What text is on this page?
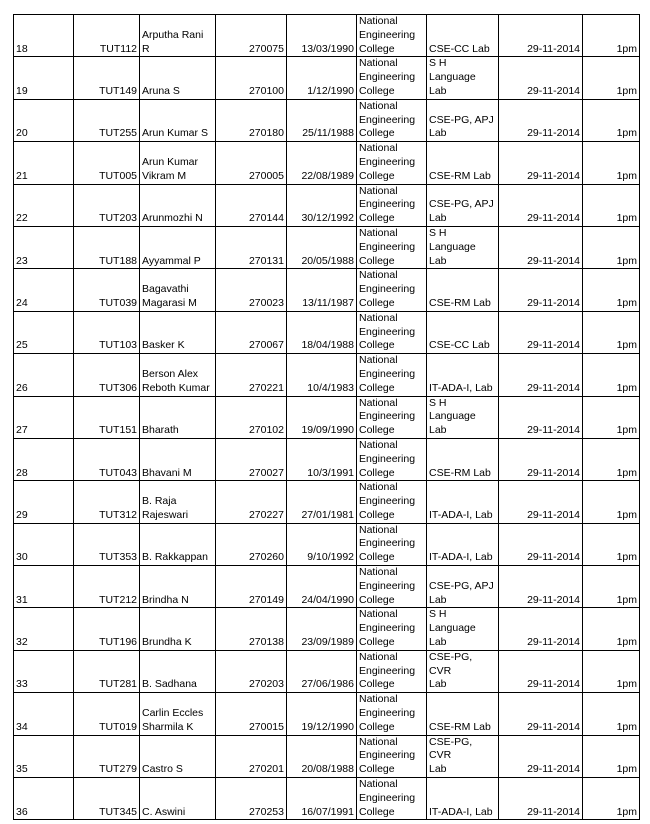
18	TUT112	Arputha Rani
R	270075	13/03/1990	National
Engineering
College	CSE-CC Lab	29-11-2014	1pm
19	TUT149	Aruna S	270100	1/12/1990	National
Engineering
College	S H Language
Lab	29-11-2014	1pm
20	TUT255	Arun Kumar S	270180	25/11/1988	National
Engineering
College	CSE-PG, APJ
Lab	29-11-2014	1pm
21	TUT005	Arun Kumar
Vikram M	270005	22/08/1989	National
Engineering
College	CSE-RM Lab	29-11-2014	1pm
22	TUT203	Arunmozhi N	270144	30/12/1992	National
Engineering
College	CSE-PG, APJ
Lab	29-11-2014	1pm
23	TUT188	Ayyammal P	270131	20/05/1988	National
Engineering
College	S H Language
Lab	29-11-2014	1pm
24	TUT039	Bagavathi
Magarasi M	270023	13/11/1987	National
Engineering
College	CSE-RM Lab	29-11-2014	1pm
25	TUT103	Basker K	270067	18/04/1988	National
Engineering
College	CSE-CC Lab	29-11-2014	1pm
26	TUT306	Berson Alex
Reboth Kumar	270221	10/4/1983	National
Engineering
College	IT-ADA-I, Lab	29-11-2014	1pm
27	TUT151	Bharath	270102	19/09/1990	National
Engineering
College	S H Language
Lab	29-11-2014	1pm
28	TUT043	Bhavani M	270027	10/3/1991	National
Engineering
College	CSE-RM Lab	29-11-2014	1pm
29	TUT312	B. Raja
Rajeswari	270227	27/01/1981	National
Engineering
College	IT-ADA-I, Lab	29-11-2014	1pm
30	TUT353	B. Rakkappan	270260	9/10/1992	National
Engineering
College	IT-ADA-I, Lab	29-11-2014	1pm
31	TUT212	Brindha N	270149	24/04/1990	National
Engineering
College	CSE-PG, APJ
Lab	29-11-2014	1pm
32	TUT196	Brundha K	270138	23/09/1989	National
Engineering
College	S H Language
Lab	29-11-2014	1pm
33	TUT281	B. Sadhana	270203	27/06/1986	National
Engineering
College	CSE-PG, CVR
Lab	29-11-2014	1pm
34	TUT019	Carlin Eccles
Sharmila K	270015	19/12/1990	National
Engineering
College	CSE-RM Lab	29-11-2014	1pm
35	TUT279	Castro S	270201	20/08/1988	National
Engineering
College	CSE-PG, CVR
Lab	29-11-2014	1pm
36	TUT345	C. Aswini	270253	16/07/1991	National
Engineering
College	IT-ADA-I, Lab	29-11-2014	1pm
